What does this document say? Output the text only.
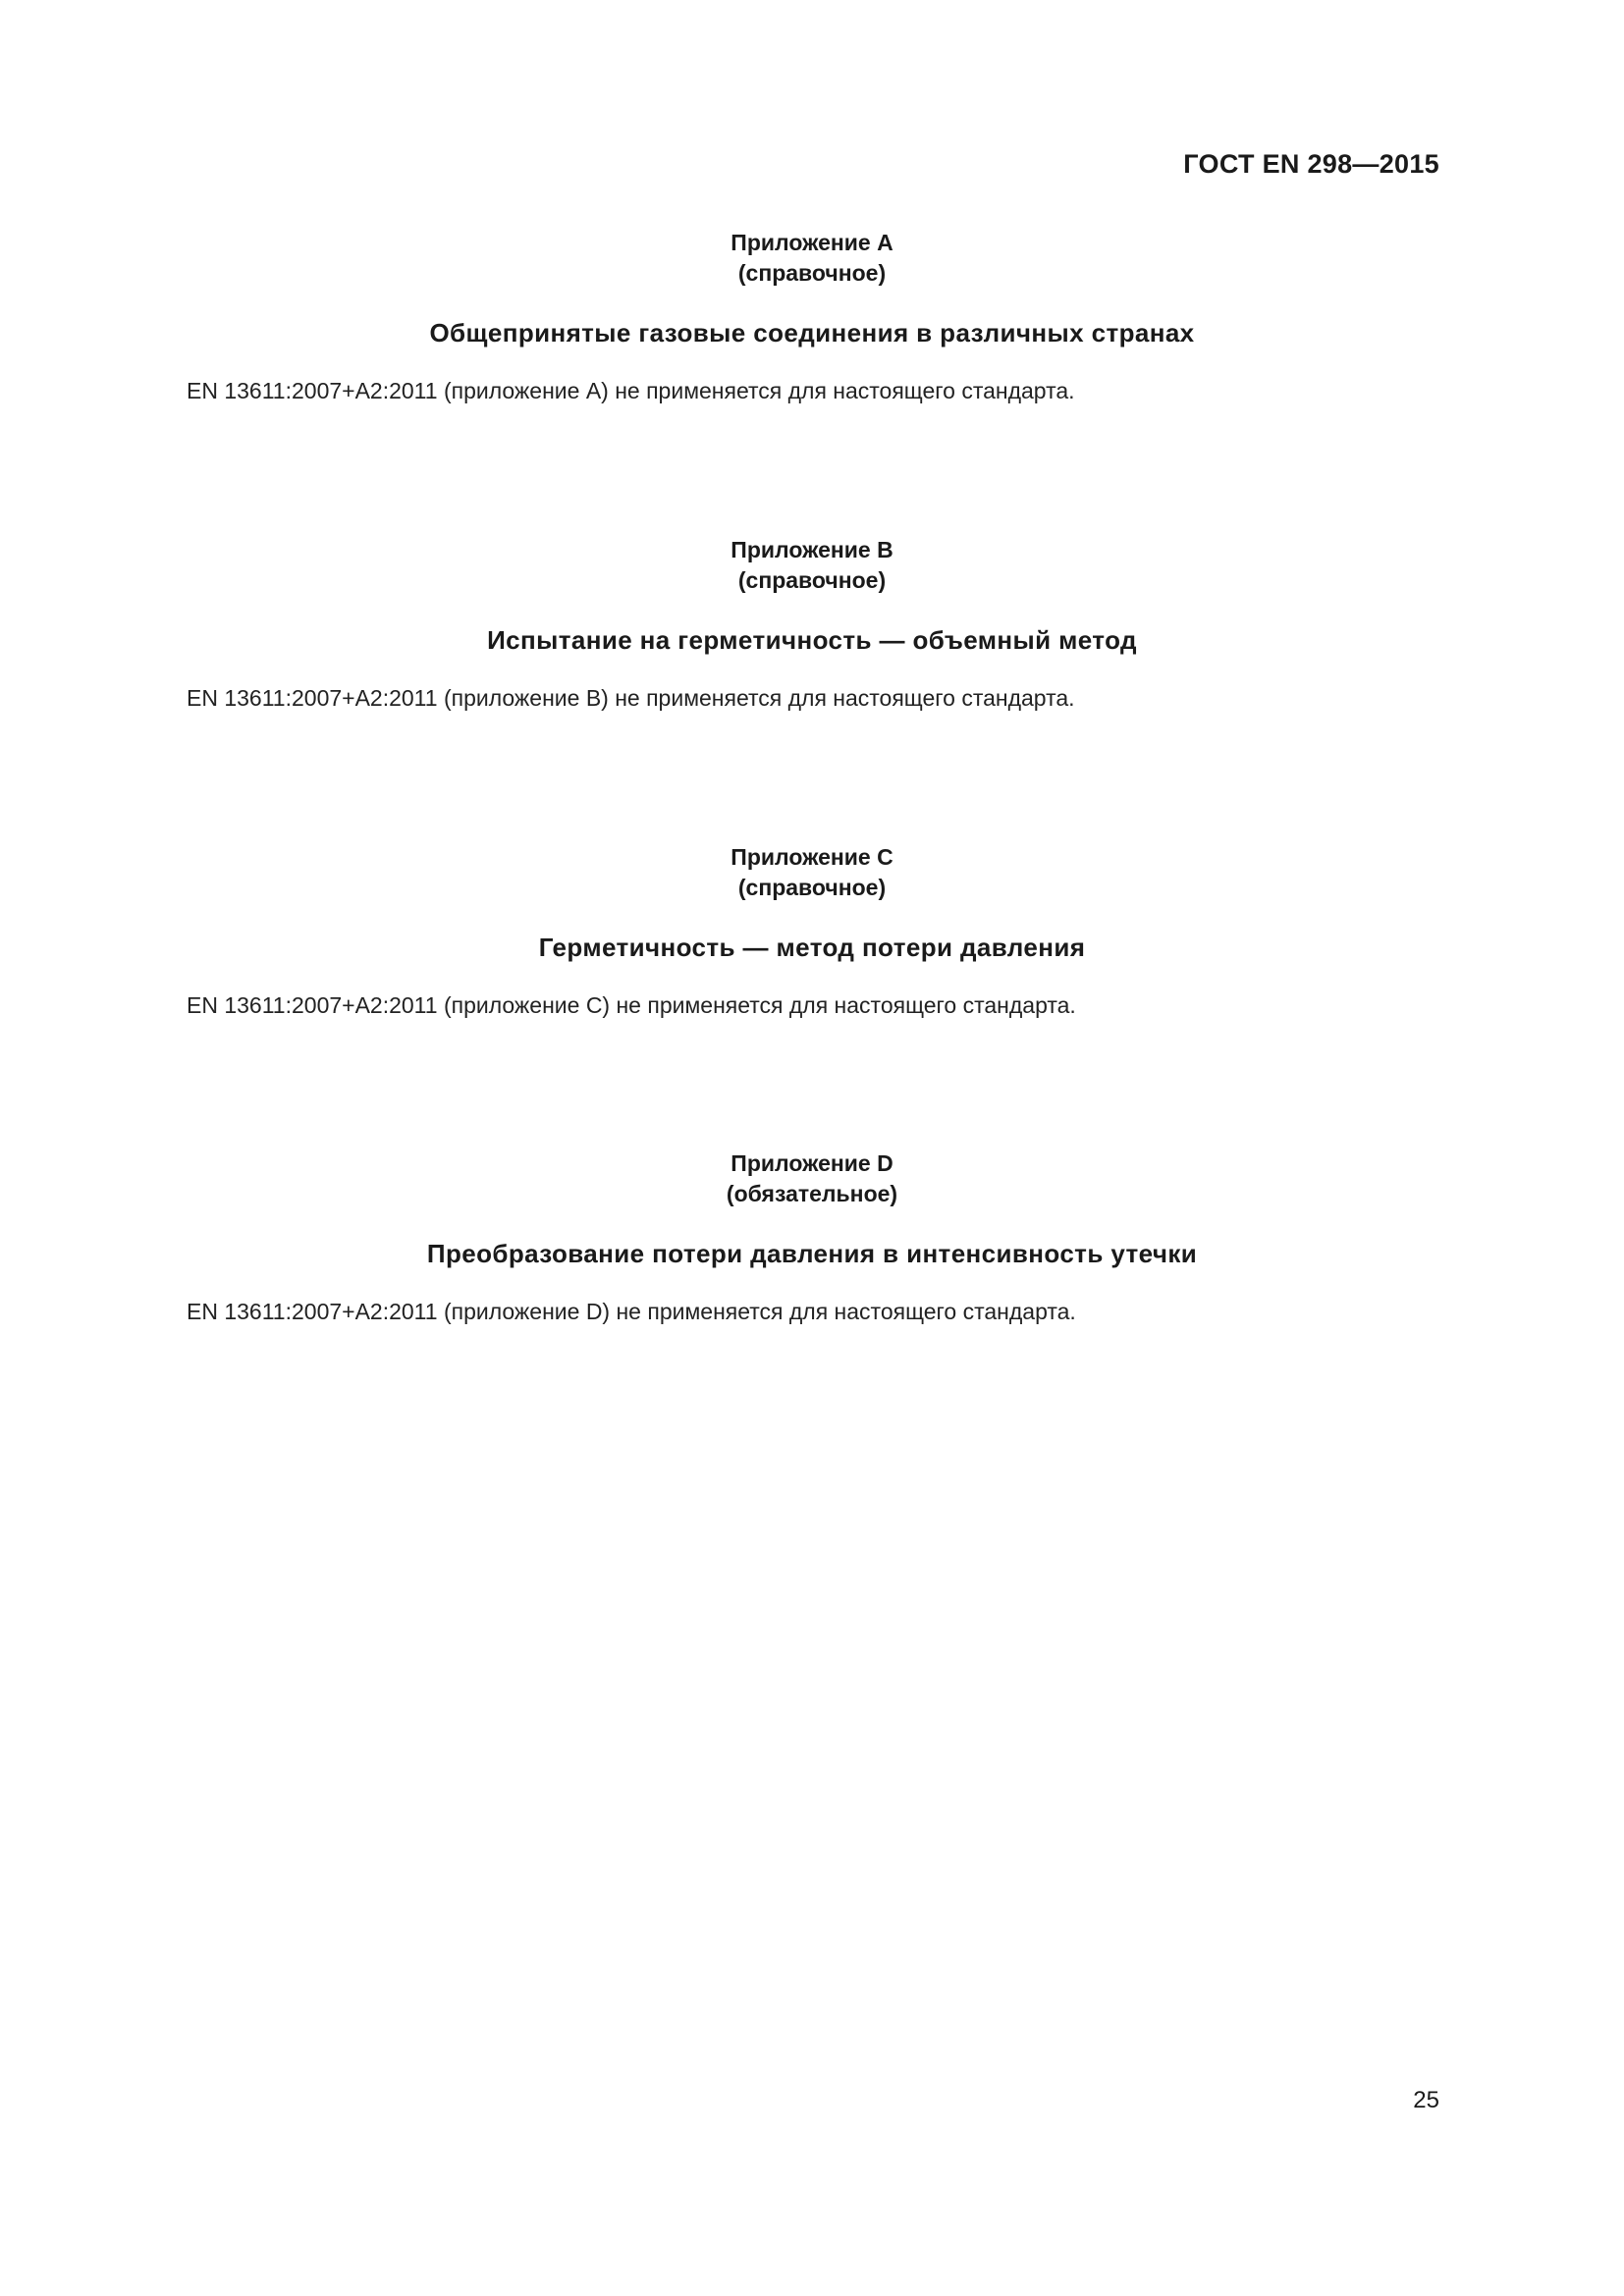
ГОСТ EN 298—2015

Приложение A

(справочное)

Общепринятые газовые соединения в различных странах

EN 13611:2007+A2:2011 (приложение A) не применяется для настоящего стандарта.

Приложение B

(справочное)

Испытание на герметичность — объемный метод

EN 13611:2007+A2:2011 (приложение B) не применяется для настоящего стандарта.

Приложение C

(справочное)

Герметичность — метод потери давления

EN 13611:2007+A2:2011 (приложение C) не применяется для настоящего стандарта.

Приложение D

(обязательное)

Преобразование потери давления в интенсивность утечки

EN 13611:2007+A2:2011 (приложение D) не применяется для настоящего стандарта.

25
